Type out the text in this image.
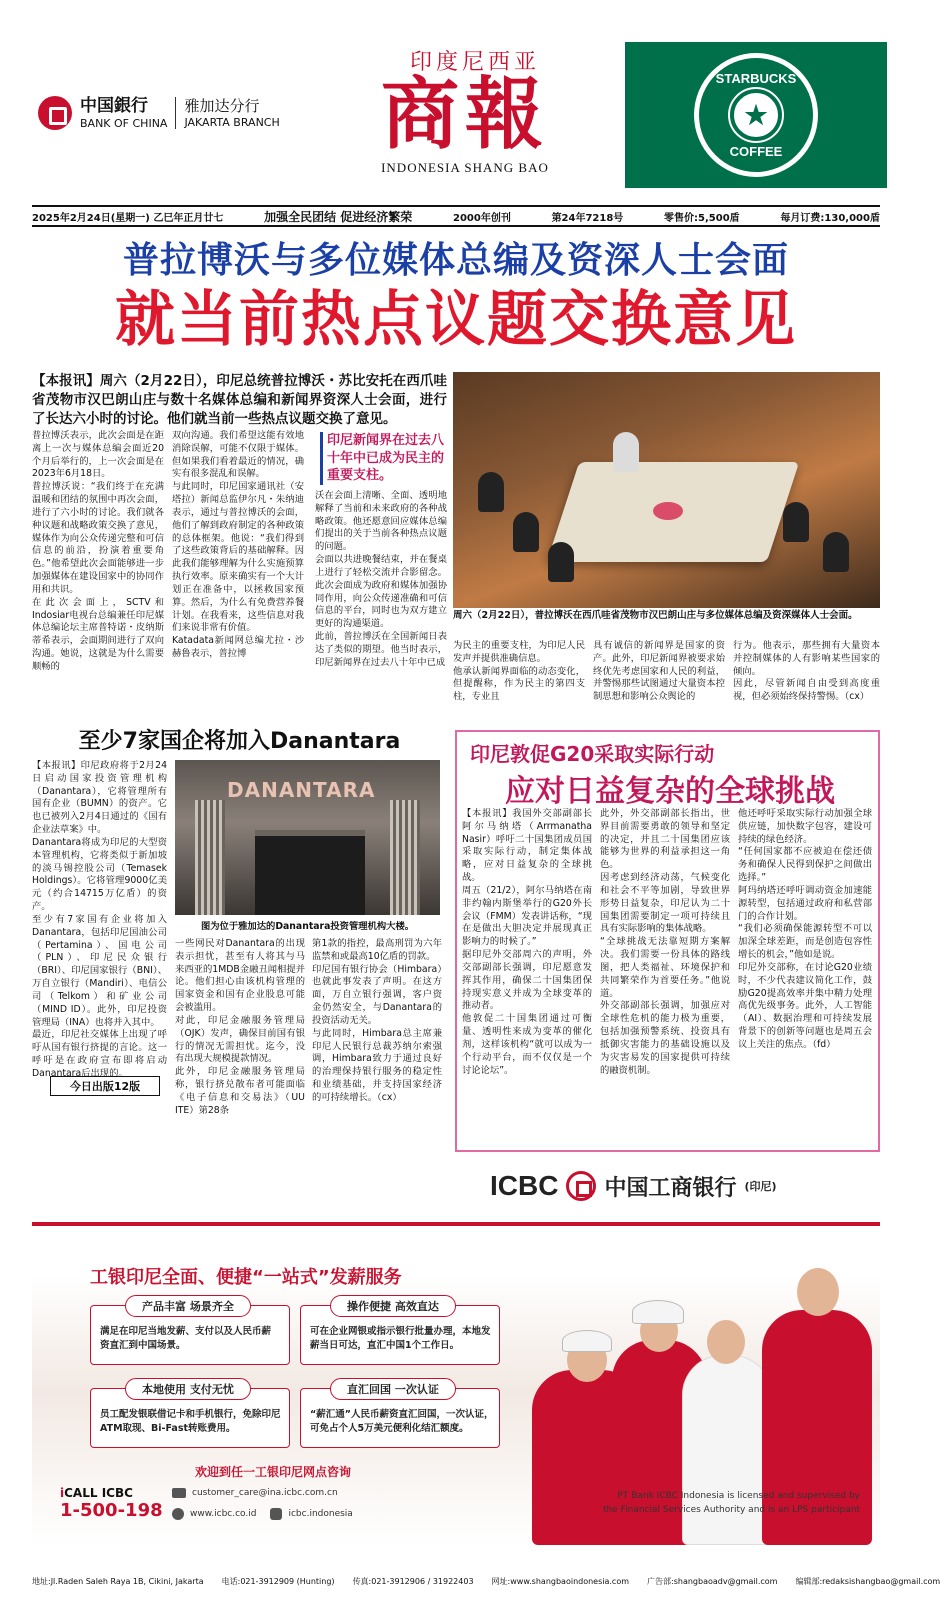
中国銀行
BANK OF CHINA
雅加达分行
JAKARTA BRANCH
印度尼西亚
商報
INDONESIA SHANG BAO
STARBUCKS
★
COFFEE
2025年2月24日(星期一) 乙巳年正月廿七	加强全民团结 促进经济繁荣	2000年创刊	第24年7218号	零售价:5,500盾	每月订费:130,000盾
普拉博沃与多位媒体总编及资深人士会面
就当前热点议题交换意见
【本报讯】周六（2月22日），印尼总统普拉博沃・苏比安托在西爪哇省茂物市汉巴朗山庄与数十名媒体总编和新闻界资深人士会面，进行了长达六小时的讨论。他们就当前一些热点议题交换了意见。
普拉博沃表示，此次会面是在距离上一次与媒体总编会面近20个月后举行的，上一次会面是在2023年6月18日。
普拉博沃说：“我们终于在充满温暖和团结的氛围中再次会面，进行了六小时的讨论。我们就各种议题和战略政策交换了意见，媒体作为向公众传递完整和可信信息的前沿，扮演着重要角色。”他希望此次会面能够进一步加强媒体在建设国家中的协同作用和共识。
在此次会面上，SCTV和Indosiar电视台总编兼任印尼媒体总编论坛主席普特诺・皮纳斯蒂希表示，会面期间进行了双向沟通。她说，这就是为什么需要顺畅的
双向沟通。我们希望这能有效地消除误解，可能不仅限于媒体。但如果我们看着最近的情况，确实有很多混乱和误解。
与此同时，印尼国家通讯社（安塔拉）新闻总监伊尔凡・朱纳迪表示，通过与普拉博沃的会面，他们了解到政府制定的各种政策的总体框架。他说：“我们得到了这些政策背后的基础解释。因此我们能够理解为什么实施预算执行效率。原来确实有一个大计划正在准备中，以拯救国家预算。然后，为什么有免费营养餐计划。在我看来，这些信息对我们来说非常有价值。
Katadata新闻网总编尤拉・沙赫鲁表示，普拉博
印尼新闻界在过去八十年中已成为民主的重要支柱。
沃在会面上清晰、全面、透明地解释了当前和未来政府的各种战略政策。他还愿意回应媒体总编们提出的关于当前各种热点议题的问题。
会面以共进晚餐结束，并在餐桌上进行了轻松交流并合影留念。此次会面成为政府和媒体加强协同作用，向公众传递准确和可信信息的平台，同时也为双方建立更好的沟通渠道。
此前，普拉博沃在全国新闻日表达了类似的期望。他当时表示，印尼新闻界在过去八十年中已成
周六（2月22日），普拉博沃在西爪哇省茂物市汉巴朗山庄与多位媒体总编及资深媒体人士会面。
为民主的重要支柱，为印尼人民发声并提供准确信息。
他承认新闻界面临的动态变化，但提醒称，作为民主的第四支柱，专业且
具有诚信的新闻界是国家的资产。此外，印尼新闻界被要求始终优先考虑国家和人民的利益，并警惕那些试图通过大量资本控制思想和影响公众舆论的
行为。他表示，那些拥有大量资本并控制媒体的人有影响某些国家的倾向。
因此，尽管新闻自由受到高度重视，但必须始终保持警惕。（cx）
至少7家国企将加入Danantara
【本报讯】印尼政府将于2月24日启动国家投资管理机构（Danantara），它将管理所有国有企业（BUMN）的资产。它也已被列入2月4日通过的《国有企业法草案》中。
Danantara将成为印尼的大型资本管理机构，它将类似于新加坡的淡马锡控股公司（Temasek Holdings）。它将管理9000亿美元（约合14715万亿盾）的资产。
至少有7家国有企业将加入Danantara，包括印尼国油公司（Pertamina）、国电公司（PLN）、印尼民众银行（BRI）、印尼国家银行（BNI）、万自立银行（Mandiri）、电信公司（Telkom）和矿业公司（MIND ID）。此外，印尼投资管理局（INA）也将并入其中。
最近，印尼社交媒体上出现了呼吁从国有银行挤提的言论。这一呼吁是在政府宣布即将启动Danantara后出现的。
DANANTARA
图为位于雅加达的Danantara投资管理机构大楼。
一些网民对Danantara的出现表示担忧，甚至有人将其与马来西亚的1MDB金融丑闻相提并论。他们担心由该机构管理的国家资金和国有企业股息可能会被滥用。
对此，印尼金融服务管理局（OJK）发声，确保目前国有银行的情况无需担忧。迄今，没有出现大规模提款情况。
此外，印尼金融服务管理局称，银行挤兑散布者可能面临《电子信息和交易法》（UU ITE）第28条
第1款的指控，最高刑罚为六年监禁和或最高10亿盾的罚款。
印尼国有银行协会（Himbara）也就此事发表了声明。在这方面，万自立银行强调，客户资金仍然安全，与Danantara的投资活动无关。
与此同时，Himbara总主席兼印尼人民银行总裁苏纳尔索强调，Himbara致力于通过良好的治理保持银行服务的稳定性和业绩基础，并支持国家经济的可持续增长。（cx）
今日出版12版
印尼敦促G20采取实际行动
应对日益复杂的全球挑战
【本报讯】我国外交部副部长阿尔马纳塔（Arrmanatha Nasir）呼吁二十国集团成员国采取实际行动，制定集体战略，应对日益复杂的全球挑战。
周五（21/2），阿尔马纳塔在南非约翰内斯堡举行的G20外长会议（FMM）发表讲话称，“现在是做出大胆决定并展现真正影响力的时候了。”
据印尼外交部周六的声明，外交部副部长强调，印尼愿意发挥其作用，确保二十国集团保持现实意义并成为全球变革的推动者。
他敦促二十国集团通过可衡量、透明性来成为变革的催化剂，这样该机构“就可以成为一个行动平台，而不仅仅是一个讨论论坛”。
此外，外交部副部长指出，世界目前需要勇敢的领导和坚定的决定，并且二十国集团应该能够为世界的利益承担这一角色。
因考虑到经济动荡，气候变化和社会不平等加剧，导致世界形势日益复杂，印尼认为二十国集团需要制定一项可持续且具有实际影响的集体战略。
“全球挑战无法靠短期方案解决。我们需要一份具体的路线图，把人类福祉、环境保护和共同繁荣作为首要任务。”他说道。
外交部副部长强调，加强应对全球性危机的能力极为重要，包括加强预警系统、投资具有抵御灾害能力的基础设施以及为灾害易发的国家提供可持续的融资机制。
他还呼吁采取实际行动加强全球供应链，加快数字包容，建设可持续的绿色经济。
“任何国家都不应被迫在偿还债务和确保人民得到保护之间做出选择。”
阿玛纳塔还呼吁调动资金加速能源转型，包括通过政府和私营部门的合作计划。
“我们必须确保能源转型不可以加深全球差距，而是创造包容性增长的机会，”他如是说。
印尼外交部称，在讨论G20业绩时，不少代表建议简化工作，鼓励G20提高效率并集中精力处理高优先级事务。此外，人工智能（AI）、数据治理和可持续发展背景下的创新等问题也是周五会议上关注的焦点。（fd）
ICBC 中国工商银行 (印尼)
工银印尼全面、便捷“一站式”发薪服务
产品丰富 场景齐全
满足在印尼当地发薪、支付以及人民币薪资直汇到中国场景。
操作便捷 高效直达
可在企业网银或指示银行批量办理，本地发薪当日可达，直汇中国1个工作日。
本地使用 支付无忧
员工配发银联借记卡和手机银行，免除印尼ATM取现、Bi-Fast转账费用。
直汇回国 一次认证
“薪汇通”人民币薪资直汇回国，一次认证，可免占个人5万美元便利化结汇额度。
欢迎到任一工银印尼网点咨询
iCALL ICBC
1-500-198
customer_care@ina.icbc.com.cn
www.icbc.co.id	icbc.indonesia
PT Bank ICBC Indonesia is licensed and supervised by
the Financial Services Authority and is an LPS participant
地址:Jl.Raden Saleh Raya 1B, Cikini, Jakarta 电话:021-3912909 (Hunting) 传真:021-3912906 / 31922403 网址:www.shangbaoindonesia.com 广告部:shangbaoadv@gmail.com 编辑部:redaksishangbao@gmail.com
